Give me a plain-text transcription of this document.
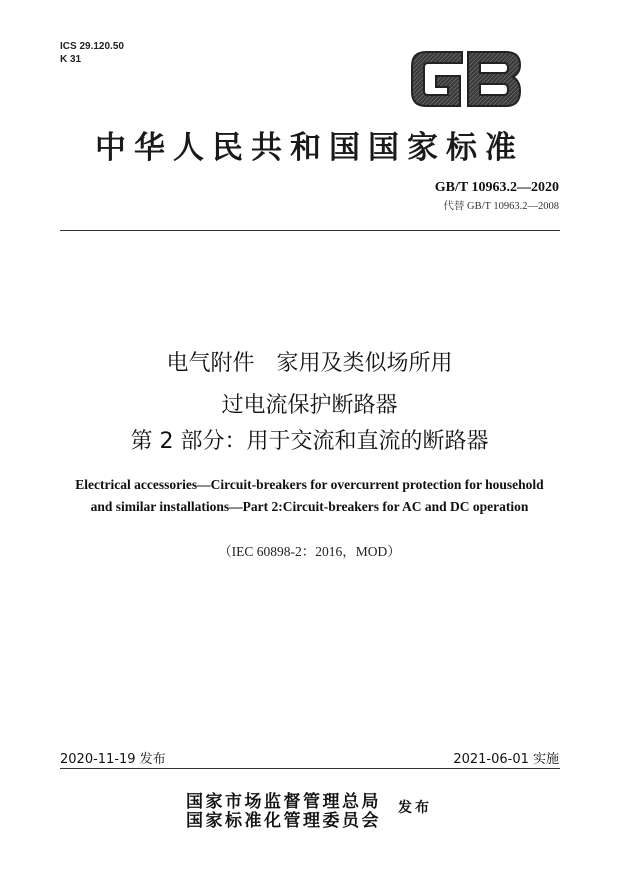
ICS 29.120.50
K 31
中华人民共和国国家标准
GB/T 10963.2—2020
代替 GB/T 10963.2—2008
电气附件　家用及类似场所用
过电流保护断路器
第 2 部分：用于交流和直流的断路器
Electrical accessories—Circuit-breakers for overcurrent protection for household
and similar installations—Part 2:Circuit-breakers for AC and DC operation
（IEC 60898-2：2016，MOD）
2020-11-19 发布	2021-06-01 实施
国家市场监督管理总局
国家标准化管理委员会
发布
